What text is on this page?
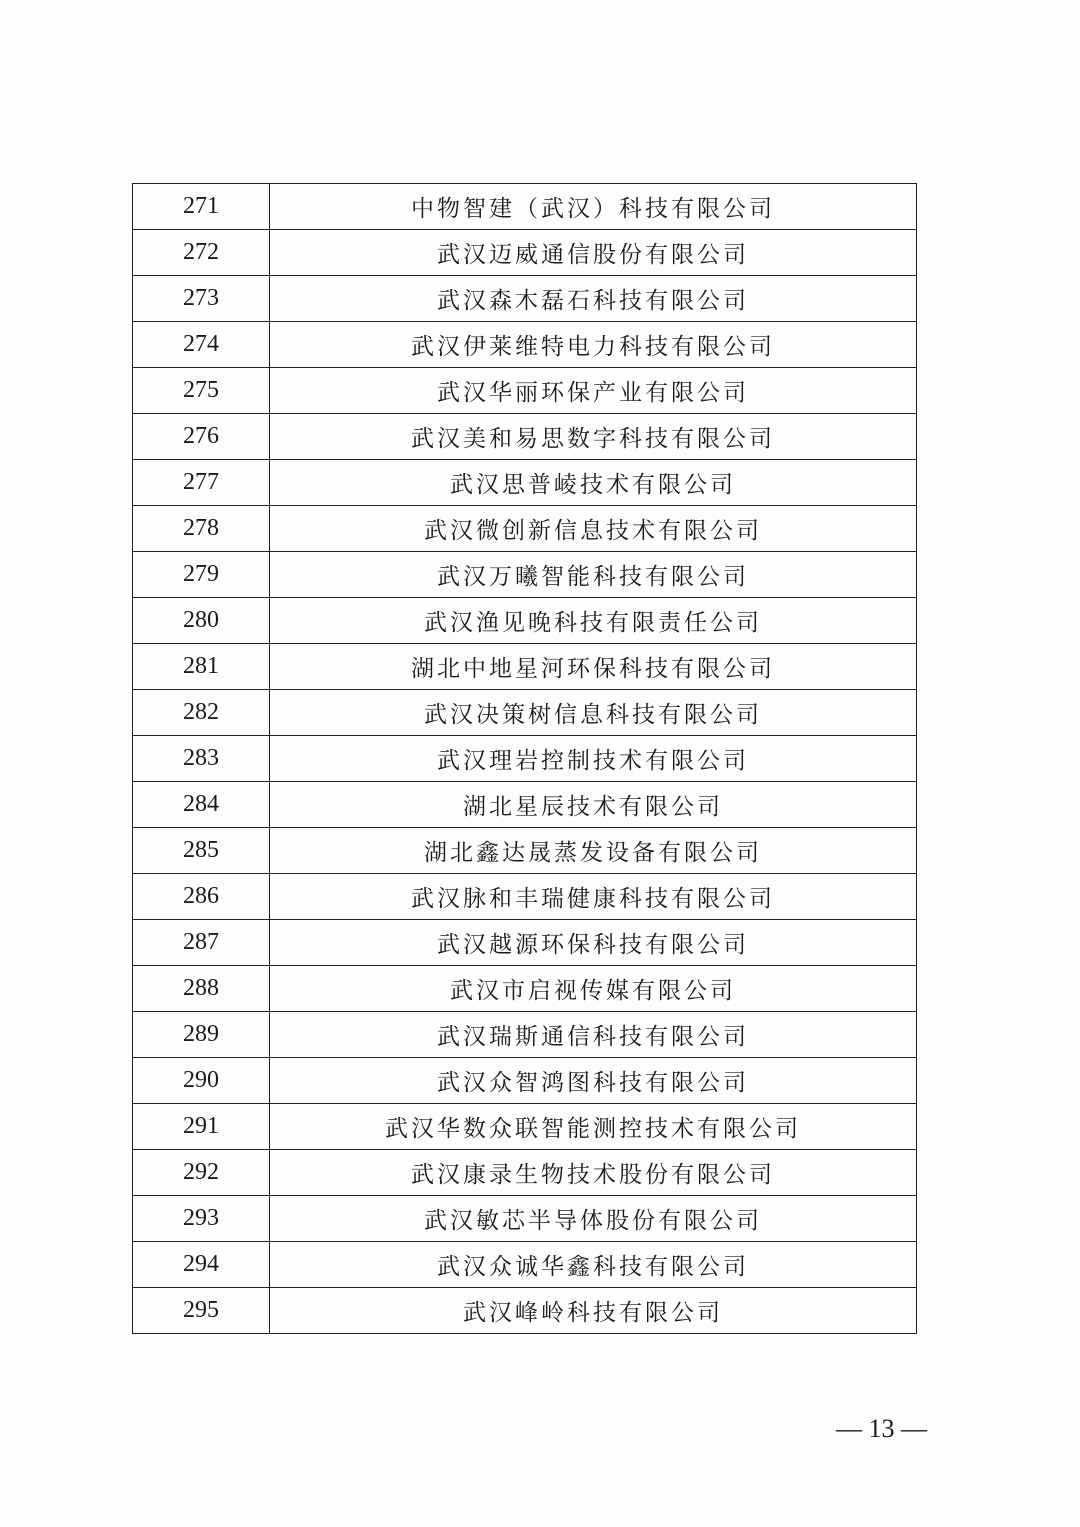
271	中物智建（武汉）科技有限公司
272	武汉迈威通信股份有限公司
273	武汉森木磊石科技有限公司
274	武汉伊莱维特电力科技有限公司
275	武汉华丽环保产业有限公司
276	武汉美和易思数字科技有限公司
277	武汉思普崚技术有限公司
278	武汉微创新信息技术有限公司
279	武汉万曦智能科技有限公司
280	武汉渔见晚科技有限责任公司
281	湖北中地星河环保科技有限公司
282	武汉决策树信息科技有限公司
283	武汉理岩控制技术有限公司
284	湖北星辰技术有限公司
285	湖北鑫达晟蒸发设备有限公司
286	武汉脉和丰瑞健康科技有限公司
287	武汉越源环保科技有限公司
288	武汉市启视传媒有限公司
289	武汉瑞斯通信科技有限公司
290	武汉众智鸿图科技有限公司
291	武汉华数众联智能测控技术有限公司
292	武汉康录生物技术股份有限公司
293	武汉敏芯半导体股份有限公司
294	武汉众诚华鑫科技有限公司
295	武汉峰岭科技有限公司
— 13 —
